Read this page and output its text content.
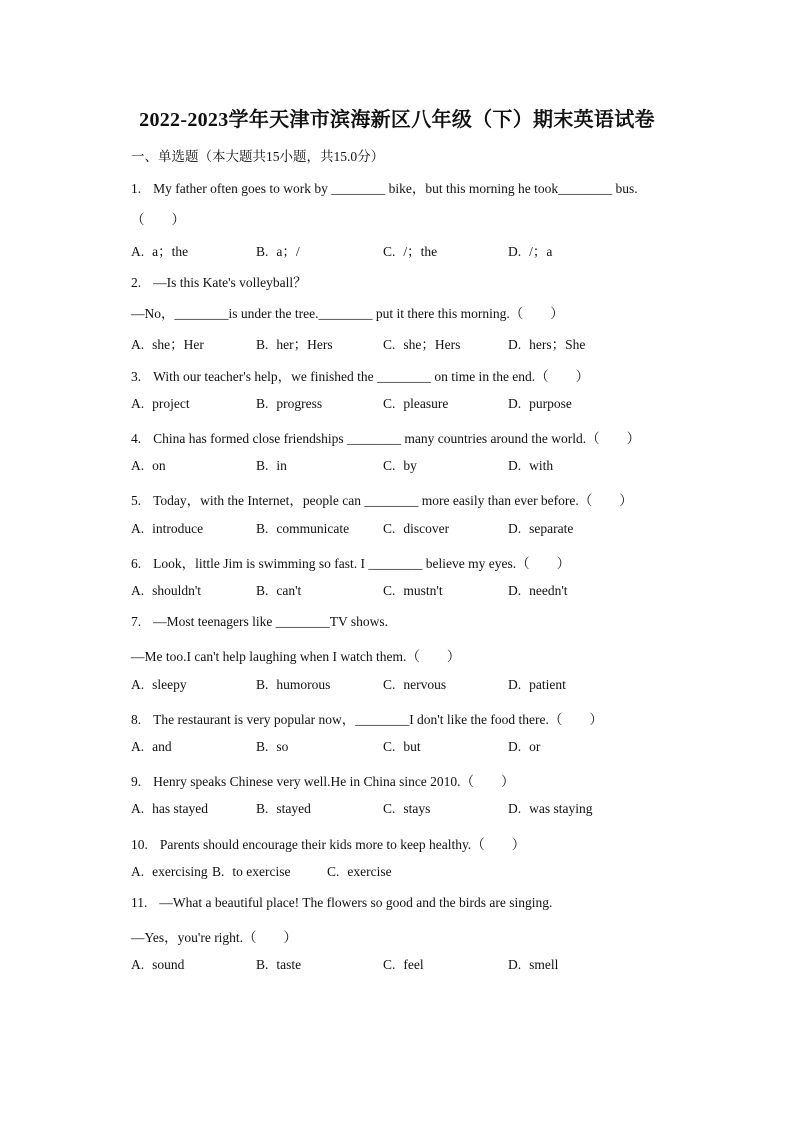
2022-2023学年天津市滨海新区八年级（下）期末英语试卷
一、单选题（本大题共15小题，共15.0分）
1. My father often goes to work by ________ bike，but this morning he took________ bus.
（　　）
A. a；the	B. a；/	C. /；the	D. /；a
2. —Is this Kate's volleyball？
—No，________is under the tree.________ put it there this morning.（　　）
A. she；Her	B. her；Hers	C. she；Hers	D. hers；She
3. With our teacher's help，we finished the ________ on time in the end.（　　）
A. project	B. progress	C. pleasure	D. purpose
4. China has formed close friendships ________ many countries around the world.（　　）
A. on	B. in	C. by	D. with
5. Today，with the Internet，people can ________ more easily than ever before.（　　）
A. introduce	B. communicate	C. discover	D. separate
6. Look，little Jim is swimming so fast. I ________ believe my eyes.（　　）
A. shouldn't	B. can't	C. mustn't	D. needn't
7. —Most teenagers like ________TV shows.
—Me too.I can't help laughing when I watch them.（　　）
A. sleepy	B. humorous	C. nervous	D. patient
8. The restaurant is very popular now，________I don't like the food there.（　　）
A. and	B. so	C. but	D. or
9. Henry speaks Chinese very well.He in China since 2010.（　　）
A. has stayed	B. stayed	C. stays	D. was staying
10. Parents should encourage their kids more to keep healthy.（　　）
A. exercising B. to exercise	C. exercise
11. —What a beautiful place! The flowers so good and the birds are singing.
—Yes，you're right.（　　）
A. sound	B. taste	C. feel	D. smell
